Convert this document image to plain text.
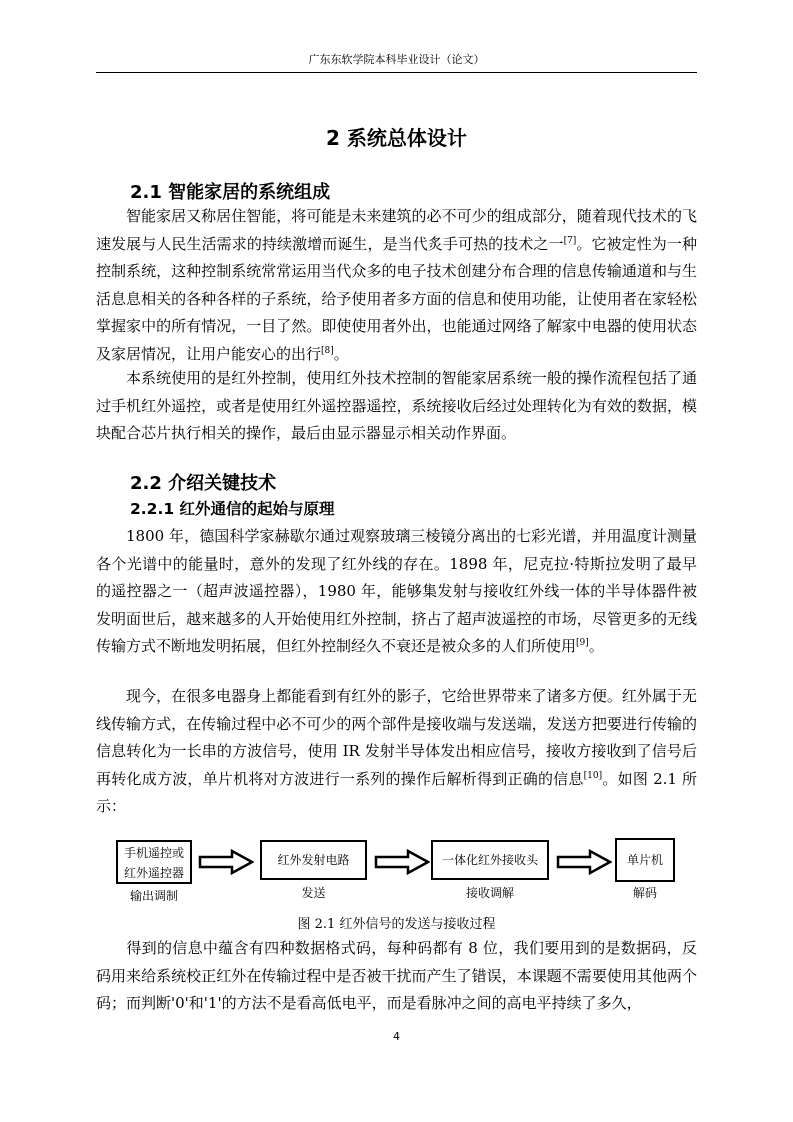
广东东软学院本科毕业设计（论文）
2 系统总体设计
2.1 智能家居的系统组成

智能家居又称居住智能，将可能是未来建筑的必不可少的组成部分，随着现代技术的飞速发展与人民生活需求的持续激增而诞生，是当代炙手可热的技术之一[7]。它被定性为一种控制系统，这种控制系统常常运用当代众多的电子技术创建分布合理的信息传输通道和与生活息息相关的各种各样的子系统，给予使用者多方面的信息和使用功能，让使用者在家轻松掌握家中的所有情况，一目了然。即使使用者外出，也能通过网络了解家中电器的使用状态及家居情况，让用户能安心的出行[8]。

本系统使用的是红外控制，使用红外技术控制的智能家居系统一般的操作流程包括了通过手机红外遥控，或者是使用红外遥控器遥控，系统接收后经过处理转化为有效的数据，模块配合芯片执行相关的操作，最后由显示器显示相关动作界面。

2.2 介绍关键技术
2.2.1 红外通信的起始与原理

1800 年，德国科学家赫歇尔通过观察玻璃三棱镜分离出的七彩光谱，并用温度计测量各个光谱中的能量时，意外的发现了红外线的存在。1898 年，尼克拉·特斯拉发明了最早的遥控器之一（超声波遥控器），1980 年，能够集发射与接收红外线一体的半导体器件被发明面世后，越来越多的人开始使用红外控制，挤占了超声波遥控的市场，尽管更多的无线传输方式不断地发明拓展，但红外控制经久不衰还是被众多的人们所使用[9]。

现今，在很多电器身上都能看到有红外的影子，它给世界带来了诸多方便。红外属于无线传输方式，在传输过程中必不可少的两个部件是接收端与发送端，发送方把要进行传输的信息转化为一长串的方波信号，使用 IR 发射半导体发出相应信号，接收方接收到了信号后再转化成方波，单片机将对方波进行一系列的操作后解析得到正确的信息[10]。如图 2.1 所示：

手机遥控或
红外遥控器
输出调制
红外发射电路
发送
一体化红外接收头
接收调解
单片机
解码
图 2.1 红外信号的发送与接收过程

得到的信息中蕴含有四种数据格式码，每种码都有 8 位，我们要用到的是数据码，反码用来给系统校正红外在传输过程中是否被干扰而产生了错误，本课题不需要使用其他两个码；而判断'0'和'1'的方法不是看高低电平，而是看脉冲之间的高电平持续了多久，

4
